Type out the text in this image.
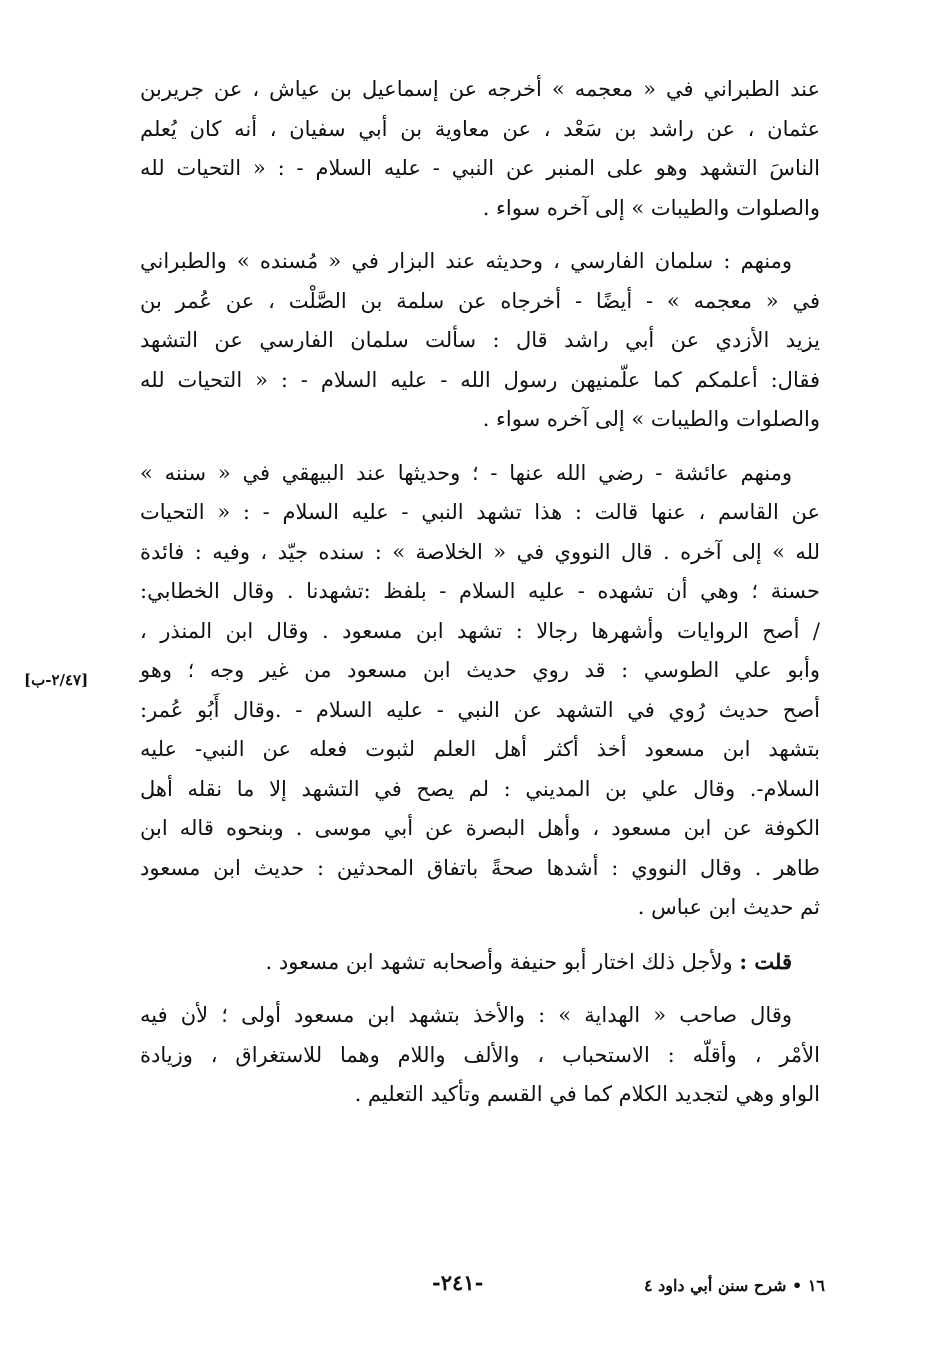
عند الطبراني في « معجمه » أخرجه عن إسماعيل بن عياش ، عن جريربن
عثمان ، عن راشد بن سَعْد ، عن معاوية بن أبي سفيان ، أنه كان يُعلم
الناسَ التشهد وهو على المنبر عن النبي - عليه السلام - : « التحيات لله
والصلوات والطيبات » إلى آخره سواء .

ومنهم : سلمان الفارسي ، وحديثه عند البزار في « مُسنده » والطبراني
في « معجمه » - أيضًا - أخرجاه عن سلمة بن الصَّلْت ، عن عُمر بن
يزيد الأزدي عن أبي راشد قال : سألت سلمان الفارسي عن التشهد
فقال: أعلمكم كما علّمنيهن رسول الله - عليه السلام - : « التحيات لله
والصلوات والطيبات » إلى آخره سواء .

ومنهم عائشة - رضي الله عنها - ؛ وحديثها عند البيهقي في « سننه »
عن القاسم ، عنها قالت : هذا تشهد النبي - عليه السلام - : « التحيات
لله » إلى آخره . قال النووي في « الخلاصة » : سنده جيّد ، وفيه : فائدة
حسنة ؛ وهي أن تشهده - عليه السلام - بلفظ :تشهدنا . وقال الخطابي:
/ أصح الروايات وأشهرها رجالا : تشهد ابن مسعود . وقال ابن المنذر ،
وأبو علي الطوسي : قد روي حديث ابن مسعود من غير وجه ؛ وهو
أصح حديث رُوي في التشهد عن النبي - عليه السلام - .وقال أَبُو عُمر:
بتشهد ابن مسعود أخذ أكثر أهل العلم لثبوت فعله عن النبي- عليه
السلام-. وقال علي بن المديني : لم يصح في التشهد إلا ما نقله أهل
الكوفة عن ابن مسعود ، وأهل البصرة عن أبي موسى . وبنحوه قاله ابن
طاهر . وقال النووي : أشدها صحةً باتفاق المحدثين : حديث ابن مسعود
ثم حديث ابن عباس .

قلت : ولأجل ذلك اختار أبو حنيفة وأصحابه تشهد ابن مسعود .

وقال صاحب « الهداية » : والأخذ بتشهد ابن مسعود أولى ؛ لأن فيه
الأمْر ، وأقلّه : الاستحباب ، والألف واللام وهما للاستغراق ، وزيادة
الواو وهي لتجديد الكلام كما في القسم وتأكيد التعليم .

[٢/٤٧-ب]
-٢٤١-	١٦ • شرح سنن أبي داود ٤
